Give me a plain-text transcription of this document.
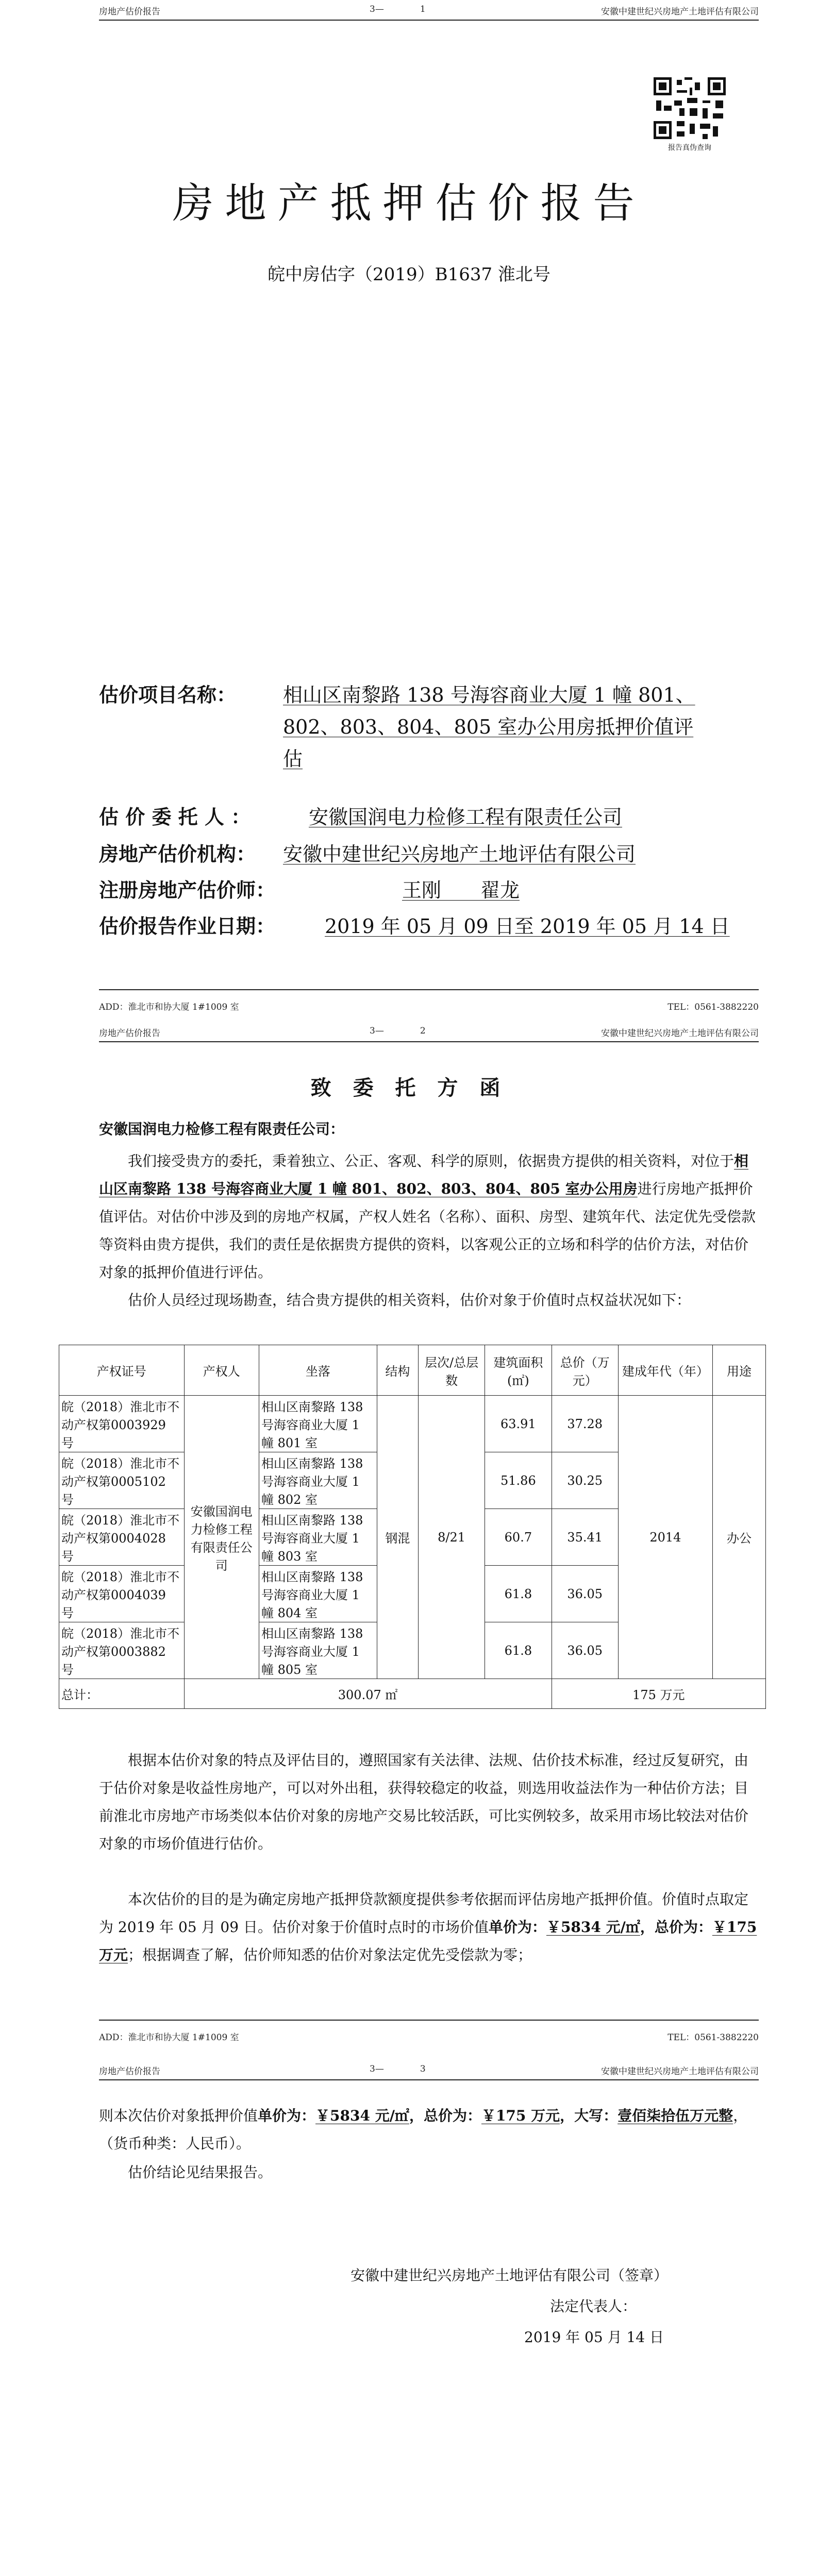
房地产估价报告	3—	1	安徽中建世纪兴房地产土地评估有限公司
报告真伪查询
房地产抵押估价报告
皖中房估字（2019）B1637 淮北号
估价项目名称： 相山区南黎路 138 号海容商业大厦 1 幢 801、
802、803、804、805 室办公用房抵押价值评
估
估 价 委 托 人 ：	安徽国润电力检修工程有限责任公司
房地产估价机构： 安徽中建世纪兴房地产土地评估有限公司
注册房地产估价师：	王刚　　翟龙
估价报告作业日期：	2019 年 05 月 09 日至 2019 年 05 月 14 日
ADD：淮北市和协大厦 1#1009 室	TEL：0561-3882220
房地产估价报告	3—	2	安徽中建世纪兴房地产土地评估有限公司
致 委 托 方 函
安徽国润电力检修工程有限责任公司：
我们接受贵方的委托，秉着独立、公正、客观、科学的原则，依据贵方提供的相关资料，对位于相山区南黎路 138 号海容商业大厦 1 幢 801、802、803、804、805 室办公用房进行房地产抵押价值评估。对估价中涉及到的房地产权属，产权人姓名（名称）、面积、房型、建筑年代、法定优先受偿款等资料由贵方提供，我们的责任是依据贵方提供的资料，以客观公正的立场和科学的估价方法，对估价对象的抵押价值进行评估。
估价人员经过现场勘查，结合贵方提供的相关资料，估价对象于价值时点权益状况如下：
产权证号	产权人	坐落	结构	层次/总层数	建筑面积(㎡)	总价（万元）	建成年代（年）	用途
皖（2018）淮北市不动产权第0003929 号	安徽国润电力检修工程有限责任公司	相山区南黎路 138 号海容商业大厦 1 幢 801 室	钢混	8/21	63.91	37.28	2014	办公
皖（2018）淮北市不动产权第0005102 号		相山区南黎路 138 号海容商业大厦 1 幢 802 室			51.86	30.25		
皖（2018）淮北市不动产权第0004028 号		相山区南黎路 138 号海容商业大厦 1 幢 803 室			60.7	35.41		
皖（2018）淮北市不动产权第0004039 号		相山区南黎路 138 号海容商业大厦 1 幢 804 室			61.8	36.05		
皖（2018）淮北市不动产权第0003882 号		相山区南黎路 138 号海容商业大厦 1 幢 805 室			61.8	36.05		
总计：	300.07 ㎡					175 万元		
根据本估价对象的特点及评估目的，遵照国家有关法律、法规、估价技术标准，经过反复研究，由于估价对象是收益性房地产，可以对外出租，获得较稳定的收益，则选用收益法作为一种估价方法；目前淮北市房地产市场类似本估价对象的房地产交易比较活跃，可比实例较多，故采用市场比较法对估价对象的市场价值进行估价。
本次估价的目的是为确定房地产抵押贷款额度提供参考依据而评估房地产抵押价值。价值时点取定为 2019 年 05 月 09 日。估价对象于价值时点时的市场价值单价为：￥5834 元/㎡，总价为：￥175 万元；根据调查了解，估价师知悉的估价对象法定优先受偿款为零；
ADD：淮北市和协大厦 1#1009 室	TEL：0561-3882220
房地产估价报告	3—	3	安徽中建世纪兴房地产土地评估有限公司
则本次估价对象抵押价值单价为：￥5834 元/㎡，总价为：￥175 万元，大写：壹佰柒拾伍万元整，（货币种类：人民币）。
估价结论见结果报告。
安徽中建世纪兴房地产土地评估有限公司（签章）
法定代表人：
2019 年 05 月 14 日
